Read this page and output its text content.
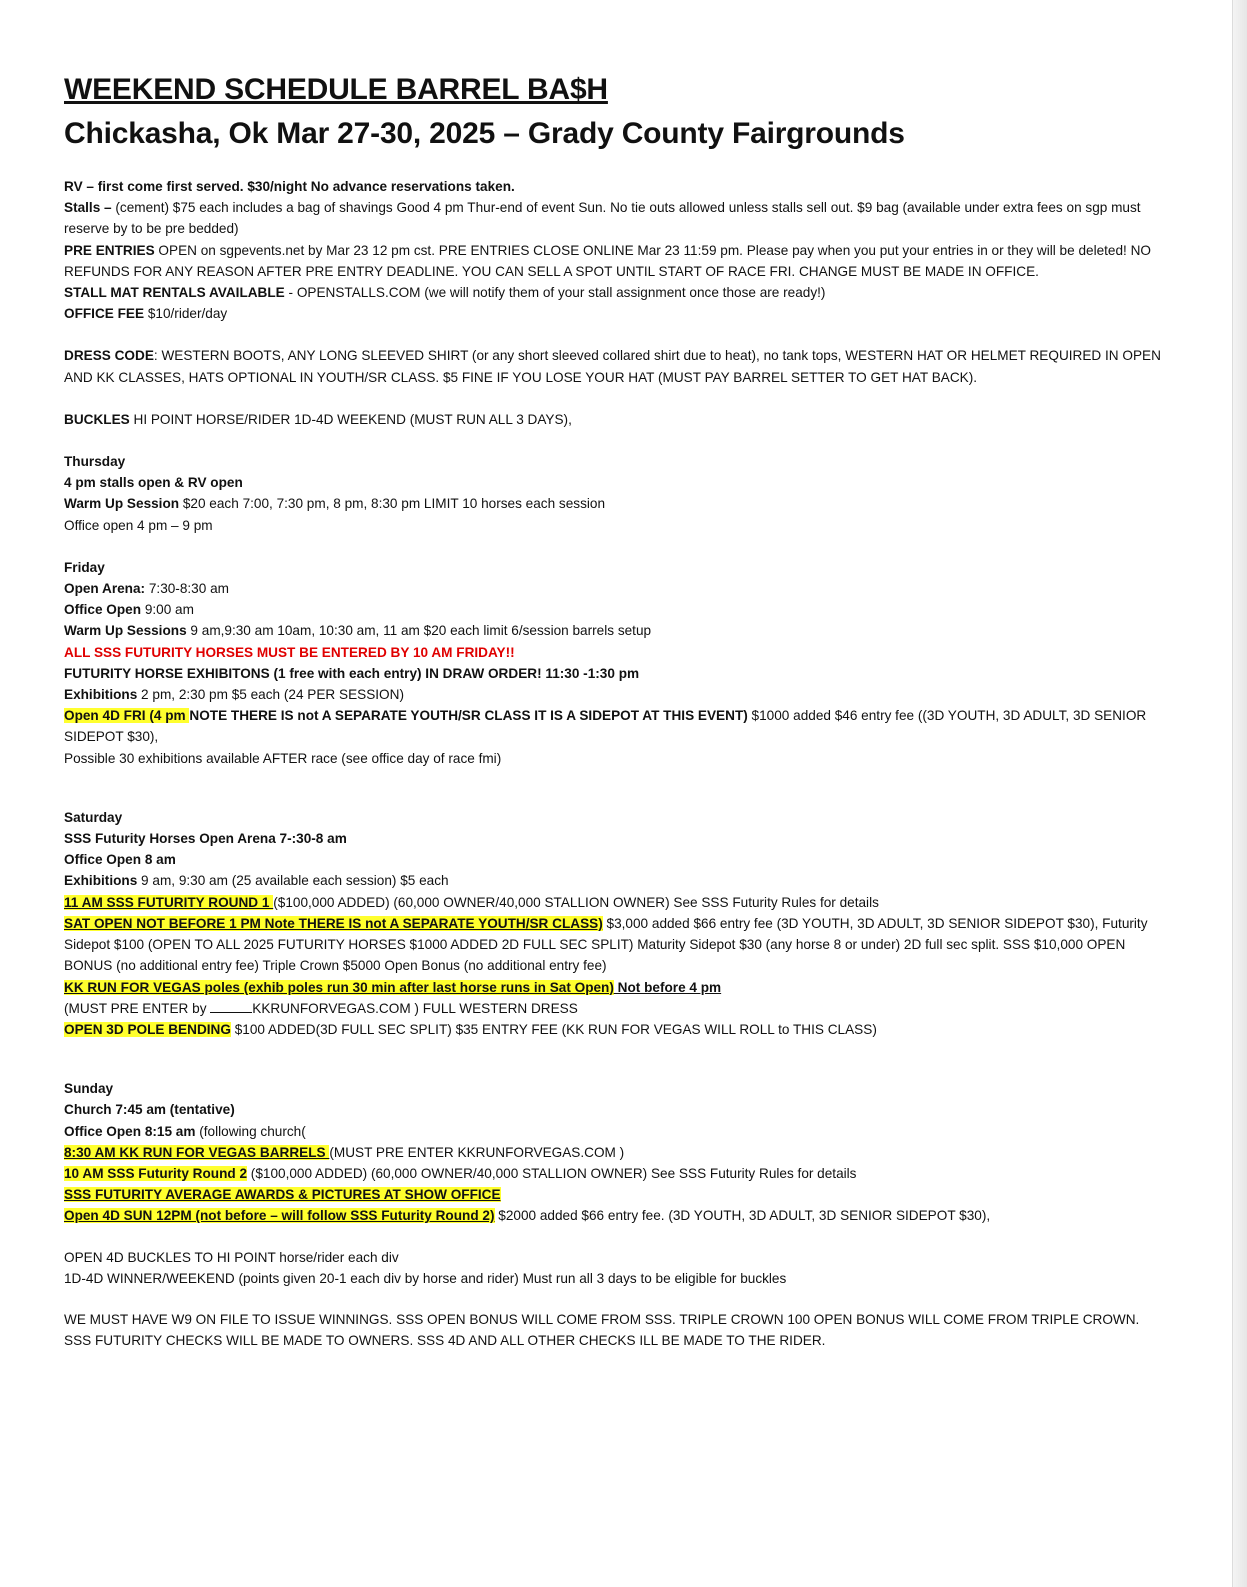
WEEKEND SCHEDULE BARREL BA$H
Chickasha, Ok Mar 27-30, 2025 – Grady County Fairgrounds

RV – first come first served. $30/night No advance reservations taken.

Stalls – (cement) $75 each includes a bag of shavings Good 4 pm Thur-end of event Sun. No tie outs allowed unless stalls sell out. $9 bag (available under extra fees on sgp must reserve by to be pre bedded)

PRE ENTRIES OPEN on sgpevents.net by Mar 23 12 pm cst. PRE ENTRIES CLOSE ONLINE Mar 23 11:59 pm. Please pay when you put your entries in or they will be deleted! NO REFUNDS FOR ANY REASON AFTER PRE ENTRY DEADLINE. YOU CAN SELL A SPOT UNTIL START OF RACE FRI. CHANGE MUST BE MADE IN OFFICE.

STALL MAT RENTALS AVAILABLE - OPENSTALLS.COM (we will notify them of your stall assignment once those are ready!)

OFFICE FEE $10/rider/day

DRESS CODE: WESTERN BOOTS, ANY LONG SLEEVED SHIRT (or any short sleeved collared shirt due to heat), no tank tops, WESTERN HAT OR HELMET REQUIRED IN OPEN AND KK CLASSES, HATS OPTIONAL IN YOUTH/SR CLASS. $5 FINE IF YOU LOSE YOUR HAT (MUST PAY BARREL SETTER TO GET HAT BACK).

BUCKLES HI POINT HORSE/RIDER 1D-4D WEEKEND (MUST RUN ALL 3 DAYS),

Thursday

4 pm stalls open & RV open

Warm Up Session $20 each 7:00, 7:30 pm, 8 pm, 8:30 pm LIMIT 10 horses each session

Office open 4 pm – 9 pm

Friday

Open Arena: 7:30-8:30 am

Office Open 9:00 am

Warm Up Sessions 9 am,9:30 am 10am, 10:30 am, 11 am $20 each limit 6/session barrels setup

ALL SSS FUTURITY HORSES MUST BE ENTERED BY 10 AM FRIDAY!!

FUTURITY HORSE EXHIBITONS (1 free with each entry) IN DRAW ORDER! 11:30 -1:30 pm

Exhibitions 2 pm, 2:30 pm $5 each (24 PER SESSION)

Open 4D FRI (4 pm NOTE THERE IS not A SEPARATE YOUTH/SR CLASS IT IS A SIDEPOT AT THIS EVENT) $1000 added $46 entry fee ((3D YOUTH, 3D ADULT, 3D SENIOR SIDEPOT $30),

Possible 30 exhibitions available AFTER race (see office day of race fmi)

Saturday

SSS Futurity Horses Open Arena 7-:30-8 am

Office Open 8 am

Exhibitions 9 am, 9:30 am (25 available each session) $5 each

11 AM SSS FUTURITY ROUND 1 ($100,000 ADDED) (60,000 OWNER/40,000 STALLION OWNER) See SSS Futurity Rules for details

SAT OPEN NOT BEFORE 1 PM Note THERE IS not A SEPARATE YOUTH/SR CLASS) $3,000 added $66 entry fee (3D YOUTH, 3D ADULT, 3D SENIOR SIDEPOT $30), Futurity Sidepot $100 (OPEN TO ALL 2025 FUTURITY HORSES $1000 ADDED 2D FULL SEC SPLIT) Maturity Sidepot $30 (any horse 8 or under) 2D full sec split. SSS $10,000 OPEN BONUS (no additional entry fee) Triple Crown $5000 Open Bonus (no additional entry fee)

KK RUN FOR VEGAS poles (exhib poles run 30 min after last horse runs in Sat Open) Not before 4 pm

(MUST PRE ENTER by	KKRUNFORVEGAS.COM ) FULL WESTERN DRESS

OPEN 3D POLE BENDING $100 ADDED(3D FULL SEC SPLIT) $35 ENTRY FEE (KK RUN FOR VEGAS WILL ROLL to THIS CLASS)

Sunday

Church 7:45 am (tentative)

Office Open 8:15 am (following church(

8:30 AM KK RUN FOR VEGAS BARRELS (MUST PRE ENTER KKRUNFORVEGAS.COM )

10 AM SSS Futurity Round 2 ($100,000 ADDED) (60,000 OWNER/40,000 STALLION OWNER) See SSS Futurity Rules for details

SSS FUTURITY AVERAGE AWARDS & PICTURES AT SHOW OFFICE

Open 4D SUN 12PM (not before – will follow SSS Futurity Round 2) $2000 added $66 entry fee. (3D YOUTH, 3D ADULT, 3D SENIOR SIDEPOT $30),

OPEN 4D BUCKLES TO HI POINT horse/rider each div

1D-4D WINNER/WEEKEND (points given 20-1 each div by horse and rider) Must run all 3 days to be eligible for buckles

WE MUST HAVE W9 ON FILE TO ISSUE WINNINGS. SSS OPEN BONUS WILL COME FROM SSS. TRIPLE CROWN 100 OPEN BONUS WILL COME FROM TRIPLE CROWN. SSS FUTURITY CHECKS WILL BE MADE TO OWNERS. SSS 4D AND ALL OTHER CHECKS ILL BE MADE TO THE RIDER.
